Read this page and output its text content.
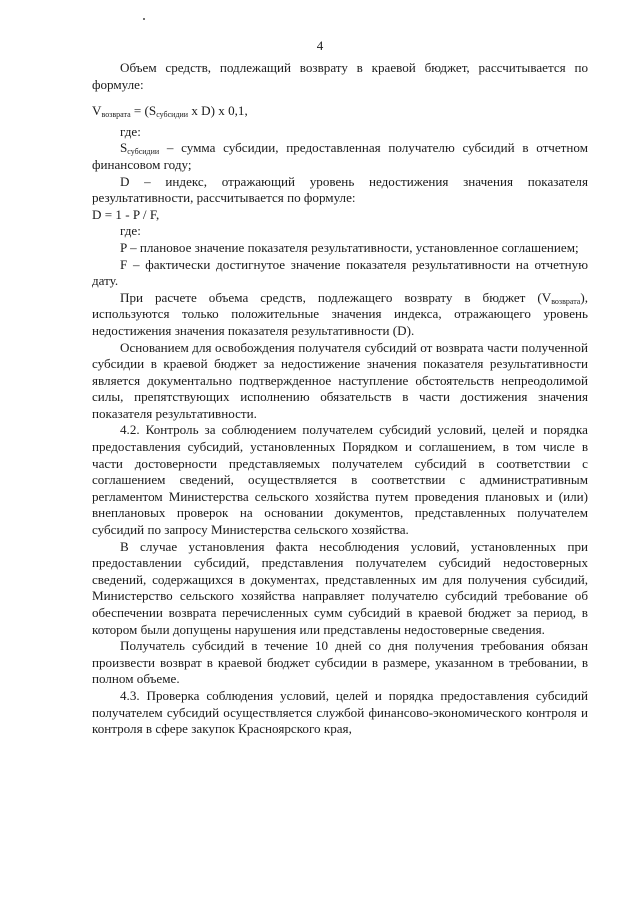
4

Объем средств, подлежащий возврату в краевой бюджет, рассчитывается по формуле:

$V_{возврата} = (S_{субсидии}$ x D) x 0,1,

где:

$S_{субсидии}$ – сумма субсидии, предоставленная получателю субсидий в отчетном финансовом году;

D – индекс, отражающий уровень недостижения значения показателя результативности, рассчитывается по формуле:

D = 1 - P / F,

где:

P – плановое значение показателя результативности, установленное соглашением;

F – фактически достигнутое значение показателя результативности на отчетную дату.

При расчете объема средств, подлежащего возврату в бюджет $(V_{возврата})$, используются только положительные значения индекса, отражающего уровень недостижения значения показателя результативности (D).

Основанием для освобождения получателя субсидий от возврата части полученной субсидии в краевой бюджет за недостижение значения показателя результативности является документально подтвержденное наступление обстоятельств непреодолимой силы, препятствующих исполнению обязательств в части достижения значения показателя результативности.

4.2. Контроль за соблюдением получателем субсидий условий, целей и порядка предоставления субсидий, установленных Порядком и соглашением, в том числе в части достоверности представляемых получателем субсидий в соответствии с соглашением сведений, осуществляется в соответствии с административным регламентом Министерства сельского хозяйства путем проведения плановых и (или) внеплановых проверок на основании документов, представленных получателем субсидий по запросу Министерства сельского хозяйства.

В случае установления факта несоблюдения условий, установленных при предоставлении субсидий, представления получателем субсидий недостоверных сведений, содержащихся в документах, представленных им для получения субсидий, Министерство сельского хозяйства направляет получателю субсидий требование об обеспечении возврата перечисленных сумм субсидий в краевой бюджет за период, в котором были допущены нарушения или представлены недостоверные сведения.

Получатель субсидий в течение 10 дней со дня получения требования обязан произвести возврат в краевой бюджет субсидии в размере, указанном в требовании, в полном объеме.

4.3. Проверка соблюдения условий, целей и порядка предоставления субсидий получателем субсидий осуществляется службой финансово-экономического контроля и контроля в сфере закупок Красноярского края,
